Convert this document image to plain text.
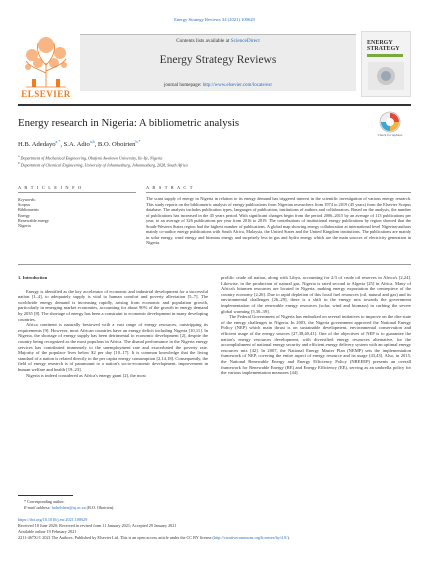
Energy Strategy Reviews 34 (2021) 100629
ELSEVIER
Contents lists available at ScienceDirect
Energy Strategy Reviews
journal homepage: http://www.elsevier.com/locate/esr
ENERGY
STRATEGY
Energy research in Nigeria: A bibliometric analysis
Check for updates
H.B. Adedayo$^{a,*}$, S.A. Adio$^{a,b}$, B.O. Oboirien$^{b,*}$
$^a$ Department of Mechanical Engineering, Obafemi Awolowo University, Ile-Ife, Nigeria
$^b$ Department of Chemical Engineering, University of Johannesburg, Johannesburg, 2028, South Africa
A R T I C L E I N F O	A B S T R A C T
Keywords:
Scopus
Bibliometric
Energy
Renewable energy
Nigeria
The scant supply of energy in Nigeria in relation to its energy demand has triggered interest in the scientific investigation of various energy research. This study reports on the bibliometric analysis of energy publications from Nigerian researchers from 1974 to 2019 (45 years) from the Elsevier Scopus database. The analysis includes publication types, languages of publication, institutions of authors and collaborators. Based on the analysis, the number of publications has increased in the 45 years period. With significant changes begin from the period 2006–2015 by an average of 113 publications per year, to an average of 326 publications per year from 2016 to 2019. The contributions of institutional energy publications by region showed that the South-Western States region had the highest number of publications. A global map showing energy collaboration at international level Nigerian-authors mainly co-author energy publications with South Africa, Malaysia, the United States and the United Kingdom institutions. The publications are mainly in solar energy, wind energy and biomass energy and surprisely less in gas and hydro energy which are the main sources of electricity generation in Nigeria.

1. Introduction

Energy is identified as the key accelerator of economic and industrial development for a successful nation [1–4], to adequately supply is vital to human comfort and poverty alleviation [5–7]. The worldwide energy demand is increasing rapidly, arising from economic and population growth, particularly in emerging market economies, accounting for about 90% of the growth in energy demand by 2035 [8]. The shortage of energy has been a constraint to economic development in many developing countries.

Africa continent is naturally bestowed with a vast range of energy resources, outstripping its requirements [9]. However, most African countries have an energy deficit including Nigeria [10,11]. In Nigeria, the shortage of energy supply has been detrimental to economic development [2], despite the country being recognized as the most populous in Africa. The dismal performance in the Nigeria energy services has contributed immensely to the unemployment rate and exacerbated the poverty rate. Majority of the populace lives below $2 per day [10–17]. It is common knowledge that the living standard of a nation is related directly to the per capita energy consumption [2,14,18]. Consequently, the field of energy research is of paramount to a nation's socio-economic development, improvement in human welfare and health [19–23].

Nigeria is indeed considered as Africa's energy giant [2], the most

prolific crude oil nation, along with Libya, accounting for 2/3 of crude oil reserves in Africa's [2,24]. Likewise, in the production of natural gas, Nigeria is rated second to Algeria [25] in Africa. Many of Africa's bitumen resources are located in Nigeria, making energy exportation the centrepiece of the country economy [2,26]. Due to rapid depletion of this fossil fuel resources (oil, natural and gas) and its environmental challenges [26–29], there is a shift in the energy mix towards the government implementation of the renewable energy resources (solar, wind and biomass) in curbing the severe global warming [5,30–39].

The Federal Government of Nigeria has embarked on several initiatives to improve on the dire state of the energy challenges in Nigeria. In 2003, the Nigeria government approved the National Energy Policy (NEP) which main thrust is on sustainable development, environmental conservation and efficient usage of the energy sources [27,38,40,41]. One of the objectives of NEP is to guarantee the nation's energy resources development, with diversified energy resources alternative, for the accomplishment of national energy security and efficient energy delivery system with an optimal energy resources mix [42]. In 2007, the National Energy Master Plan (NEMP) sets the implementation framework of NEP, covering the entire aspect of energy resource and its usage [43,43]. Also, in 2015, the National Renewable Energy and Energy Efficiency Policy (NREEEP) presents an overall framework for Renewable Energy (RE) and Energy Efficiency (EE), serving as an umbrella policy for the various implementation measures [44].

* Corresponding author.
E-mail address: hobolshen@uj.ac.za (B.O. Oboirien).
https://doi.org/10.1016/j.esr.2021.100629
Received 18 June 2020; Received in revised form 11 January 2021; Accepted 29 January 2021
Available online 19 February 2021
2211-467X/© 2021 The Authors. Published by Elsevier Ltd. This is an open access article under the CC BY license (http://creativecommons.org/licenses/by/4.0/).
